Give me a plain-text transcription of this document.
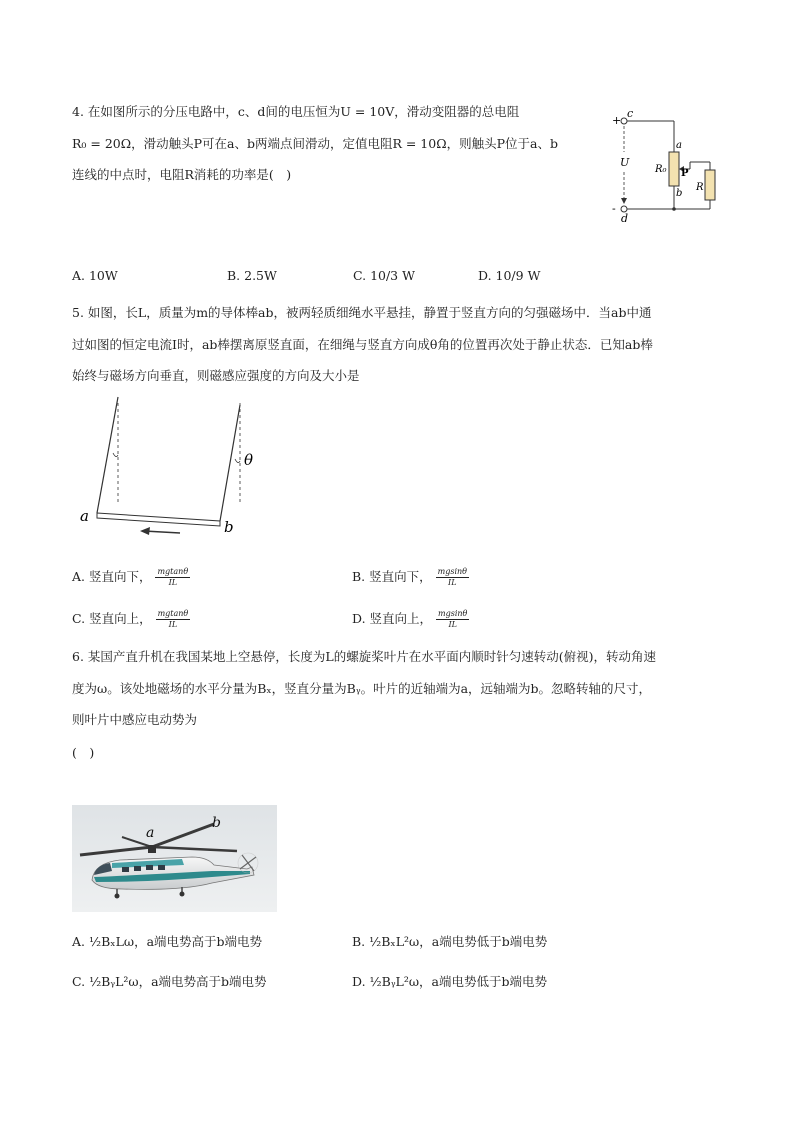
4. 在如图所示的分压电路中，c、d间的电压恒为U = 10V，滑动变阻器的总电阻
R₀ = 20Ω，滑动触头P可在a、b两端点间滑动，定值电阻R = 10Ω，则触头P位于a、b
连线的中点时，电阻R消耗的功率是(　)
+
-
c
d
U
R₀
a
b
P
R
A. 10W	B. 2.5W	C. 10/3 W	D. 10/9 W
5. 如图，长L，质量为m的导体棒ab，被两轻质细绳水平悬挂，静置于竖直方向的匀强磁场中．当ab中通
过如图的恒定电流I时，ab棒摆离原竖直面，在细绳与竖直方向成θ角的位置再次处于静止状态．已知ab棒
始终与磁场方向垂直，则磁感应强度的方向及大小是
a
b
θ
A. 竖直向下， $\frac{mgtan\theta}{IL}$	B. 竖直向下， $\frac{mgsin\theta}{IL}$
C. 竖直向上， $\frac{mgtan\theta}{IL}$	D. 竖直向上， $\frac{mgsin\theta}{IL}$
6. 某国产直升机在我国某地上空悬停，长度为L的螺旋桨叶片在水平面内顺时针匀速转动(俯视)，转动角速
度为ω。该处地磁场的水平分量为Bₓ，竖直分量为Bᵧ。叶片的近轴端为a，远轴端为b。忽略转轴的尺寸，
则叶片中感应电动势为
(　)
a
b
A. ½BₓLω，a端电势高于b端电势	B. ½BₓL²ω，a端电势低于b端电势
C. ½BᵧL²ω，a端电势高于b端电势	D. ½BᵧL²ω，a端电势低于b端电势
